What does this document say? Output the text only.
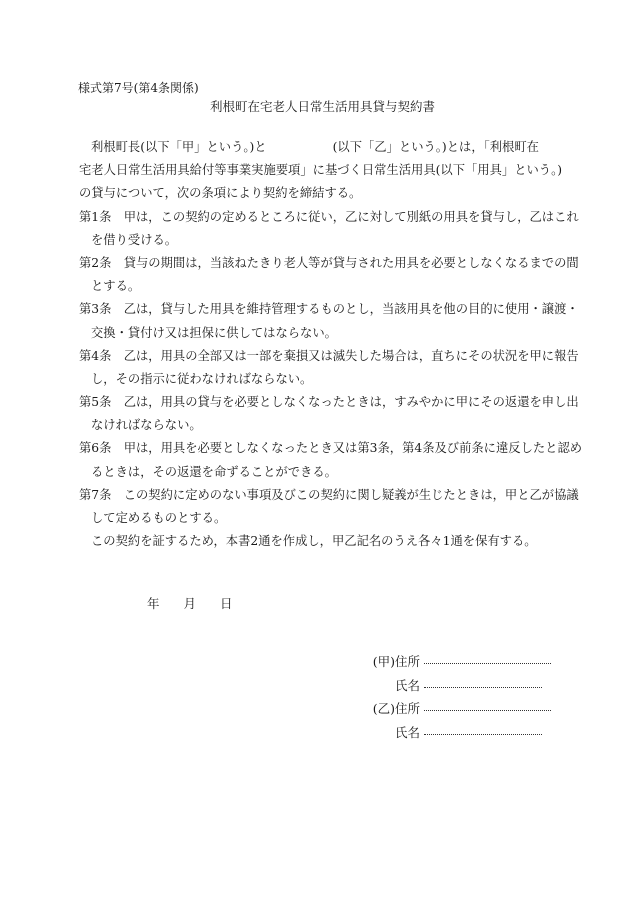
様式第7号(第4条関係)
利根町在宅老人日常生活用具貸与契約書
利根町長(以下「甲」という。)と	(以下「乙」という。)とは，「利根町在
宅老人日常生活用具給付等事業実施要項」に基づく日常生活用具(以下「用具」という。)
の貸与について，次の条項により契約を締結する。
第1条　甲は，この契約の定めるところに従い，乙に対して別紙の用具を貸与し，乙はこれ
を借り受ける。
第2条　貸与の期間は，当該ねたきり老人等が貸与された用具を必要としなくなるまでの間
とする。
第3条　乙は，貸与した用具を維持管理するものとし，当該用具を他の目的に使用・譲渡・
交換・貸付け又は担保に供してはならない。
第4条　乙は，用具の全部又は一部を棄損又は滅失した場合は，直ちにその状況を甲に報告
し，その指示に従わなければならない。
第5条　乙は，用具の貸与を必要としなくなったときは，すみやかに甲にその返還を申し出
なければならない。
第6条　甲は，用具を必要としなくなったとき又は第3条，第4条及び前条に違反したと認め
るときは，その返還を命ずることができる。
第7条　この契約に定めのない事項及びこの契約に関し疑義が生じたときは，甲と乙が協議
して定めるものとする。
この契約を証するため，本書2通を作成し，甲乙記名のうえ各々1通を保有する。
年 月 日
(甲)住所
氏名
(乙)住所
氏名
